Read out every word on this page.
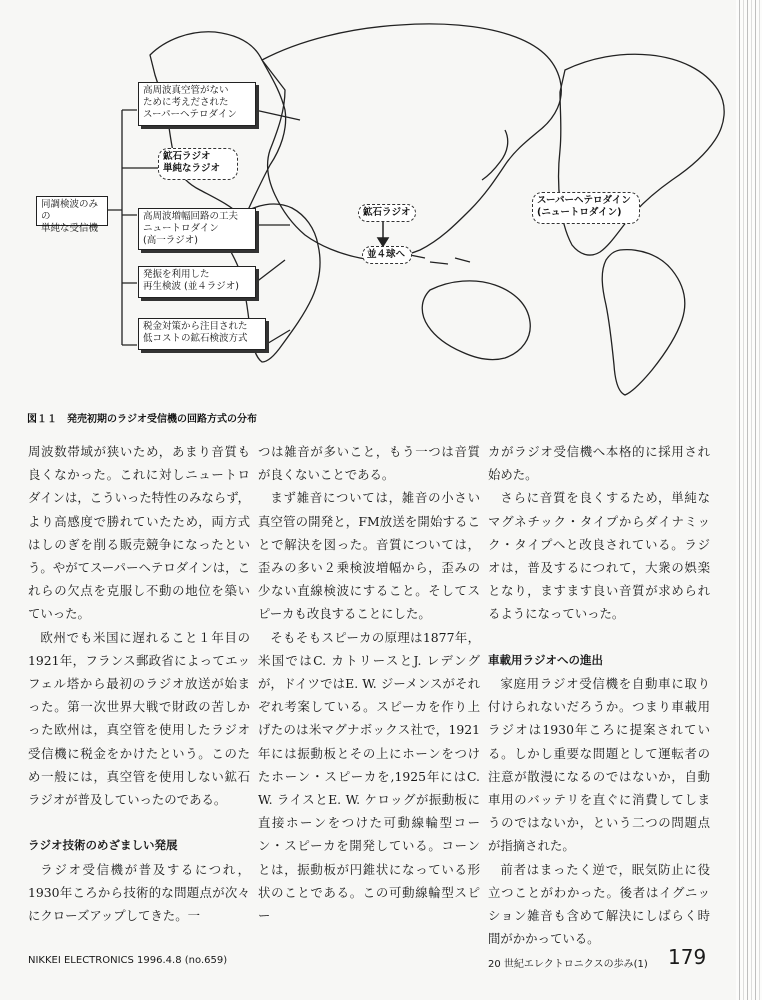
高周波真空管がない
ために考えだされた
スーパーヘテロダイン
鉱石ラジオ
単純なラジオ
同調検波のみの
単純な受信機
高周波増幅回路の工夫
ニュートロダイン
(高一ラジオ)
発振を利用した
再生検波 (並４ラジオ)
税金対策から注目された
低コストの鉱石検波方式
鉱石ラジオ
並４球へ
スーパーヘテロダイン
(ニュートロダイン)
図１１　発売初期のラジオ受信機の回路方式の分布

周波数帯域が狭いため，あまり音質も良くなかった。これに対しニュートロダインは，こういった特性のみならず，より高感度で勝れていたため，両方式はしのぎを削る販売競争になったという。やがてスーパーヘテロダインは，これらの欠点を克服し不動の地位を築いていった。

欧州でも米国に遅れること１年目の1921年，フランス郵政省によってエッフェル塔から最初のラジオ放送が始まった。第一次世界大戦で財政の苦しかった欧州は，真空管を使用したラジオ受信機に税金をかけたという。このため一般には，真空管を使用しない鉱石ラジオが普及していったのである。

ラジオ技術のめざましい発展

ラジオ受信機が普及するにつれ，1930年ころから技術的な問題点が次々にクローズアップしてきた。一

つは雑音が多いこと，もう一つは音質が良くないことである。

まず雑音については，雑音の小さい真空管の開発と，FM放送を開始することで解決を図った。音質については，歪みの多い２乗検波増幅から，歪みの少ない直線検波にすること。そしてスピーカも改良することにした。

そもそもスピーカの原理は1877年，米国ではC. カトリースとJ. レデングが，ドイツではE. W. ジーメンスがそれぞれ考案している。スピーカを作り上げたのは米マグナボックス社で，1921年には振動板とその上にホーンをつけたホーン・スピーカを,1925年にはC. W. ライスとE. W. ケロッグが振動板に直接ホーンをつけた可動線輪型コーン・スピーカを開発している。コーンとは，振動板が円錐状になっている形状のことである。この可動線輪型スピー

カがラジオ受信機へ本格的に採用され始めた。

さらに音質を良くするため，単純なマグネチック・タイプからダイナミック・タイプへと改良されている。ラジオは，普及するにつれて，大衆の娯楽となり，ますます良い音質が求められるようになっていった。

車載用ラジオへの進出

家庭用ラジオ受信機を自動車に取り付けられないだろうか。つまり車載用ラジオは1930年ころに提案されている。しかし重要な問題として運転者の注意が散漫になるのではないか，自動車用のバッテリを直ぐに消費してしまうのではないか，という二つの問題点が指摘された。

前者はまったく逆で，眠気防止に役立つことがわかった。後者はイグニッション雑音も含めて解決にしばらく時間がかかっている。

NIKKEI ELECTRONICS 1996.4.8 (no.659)	20 世紀エレクトロニクスの歩み(1) 179
